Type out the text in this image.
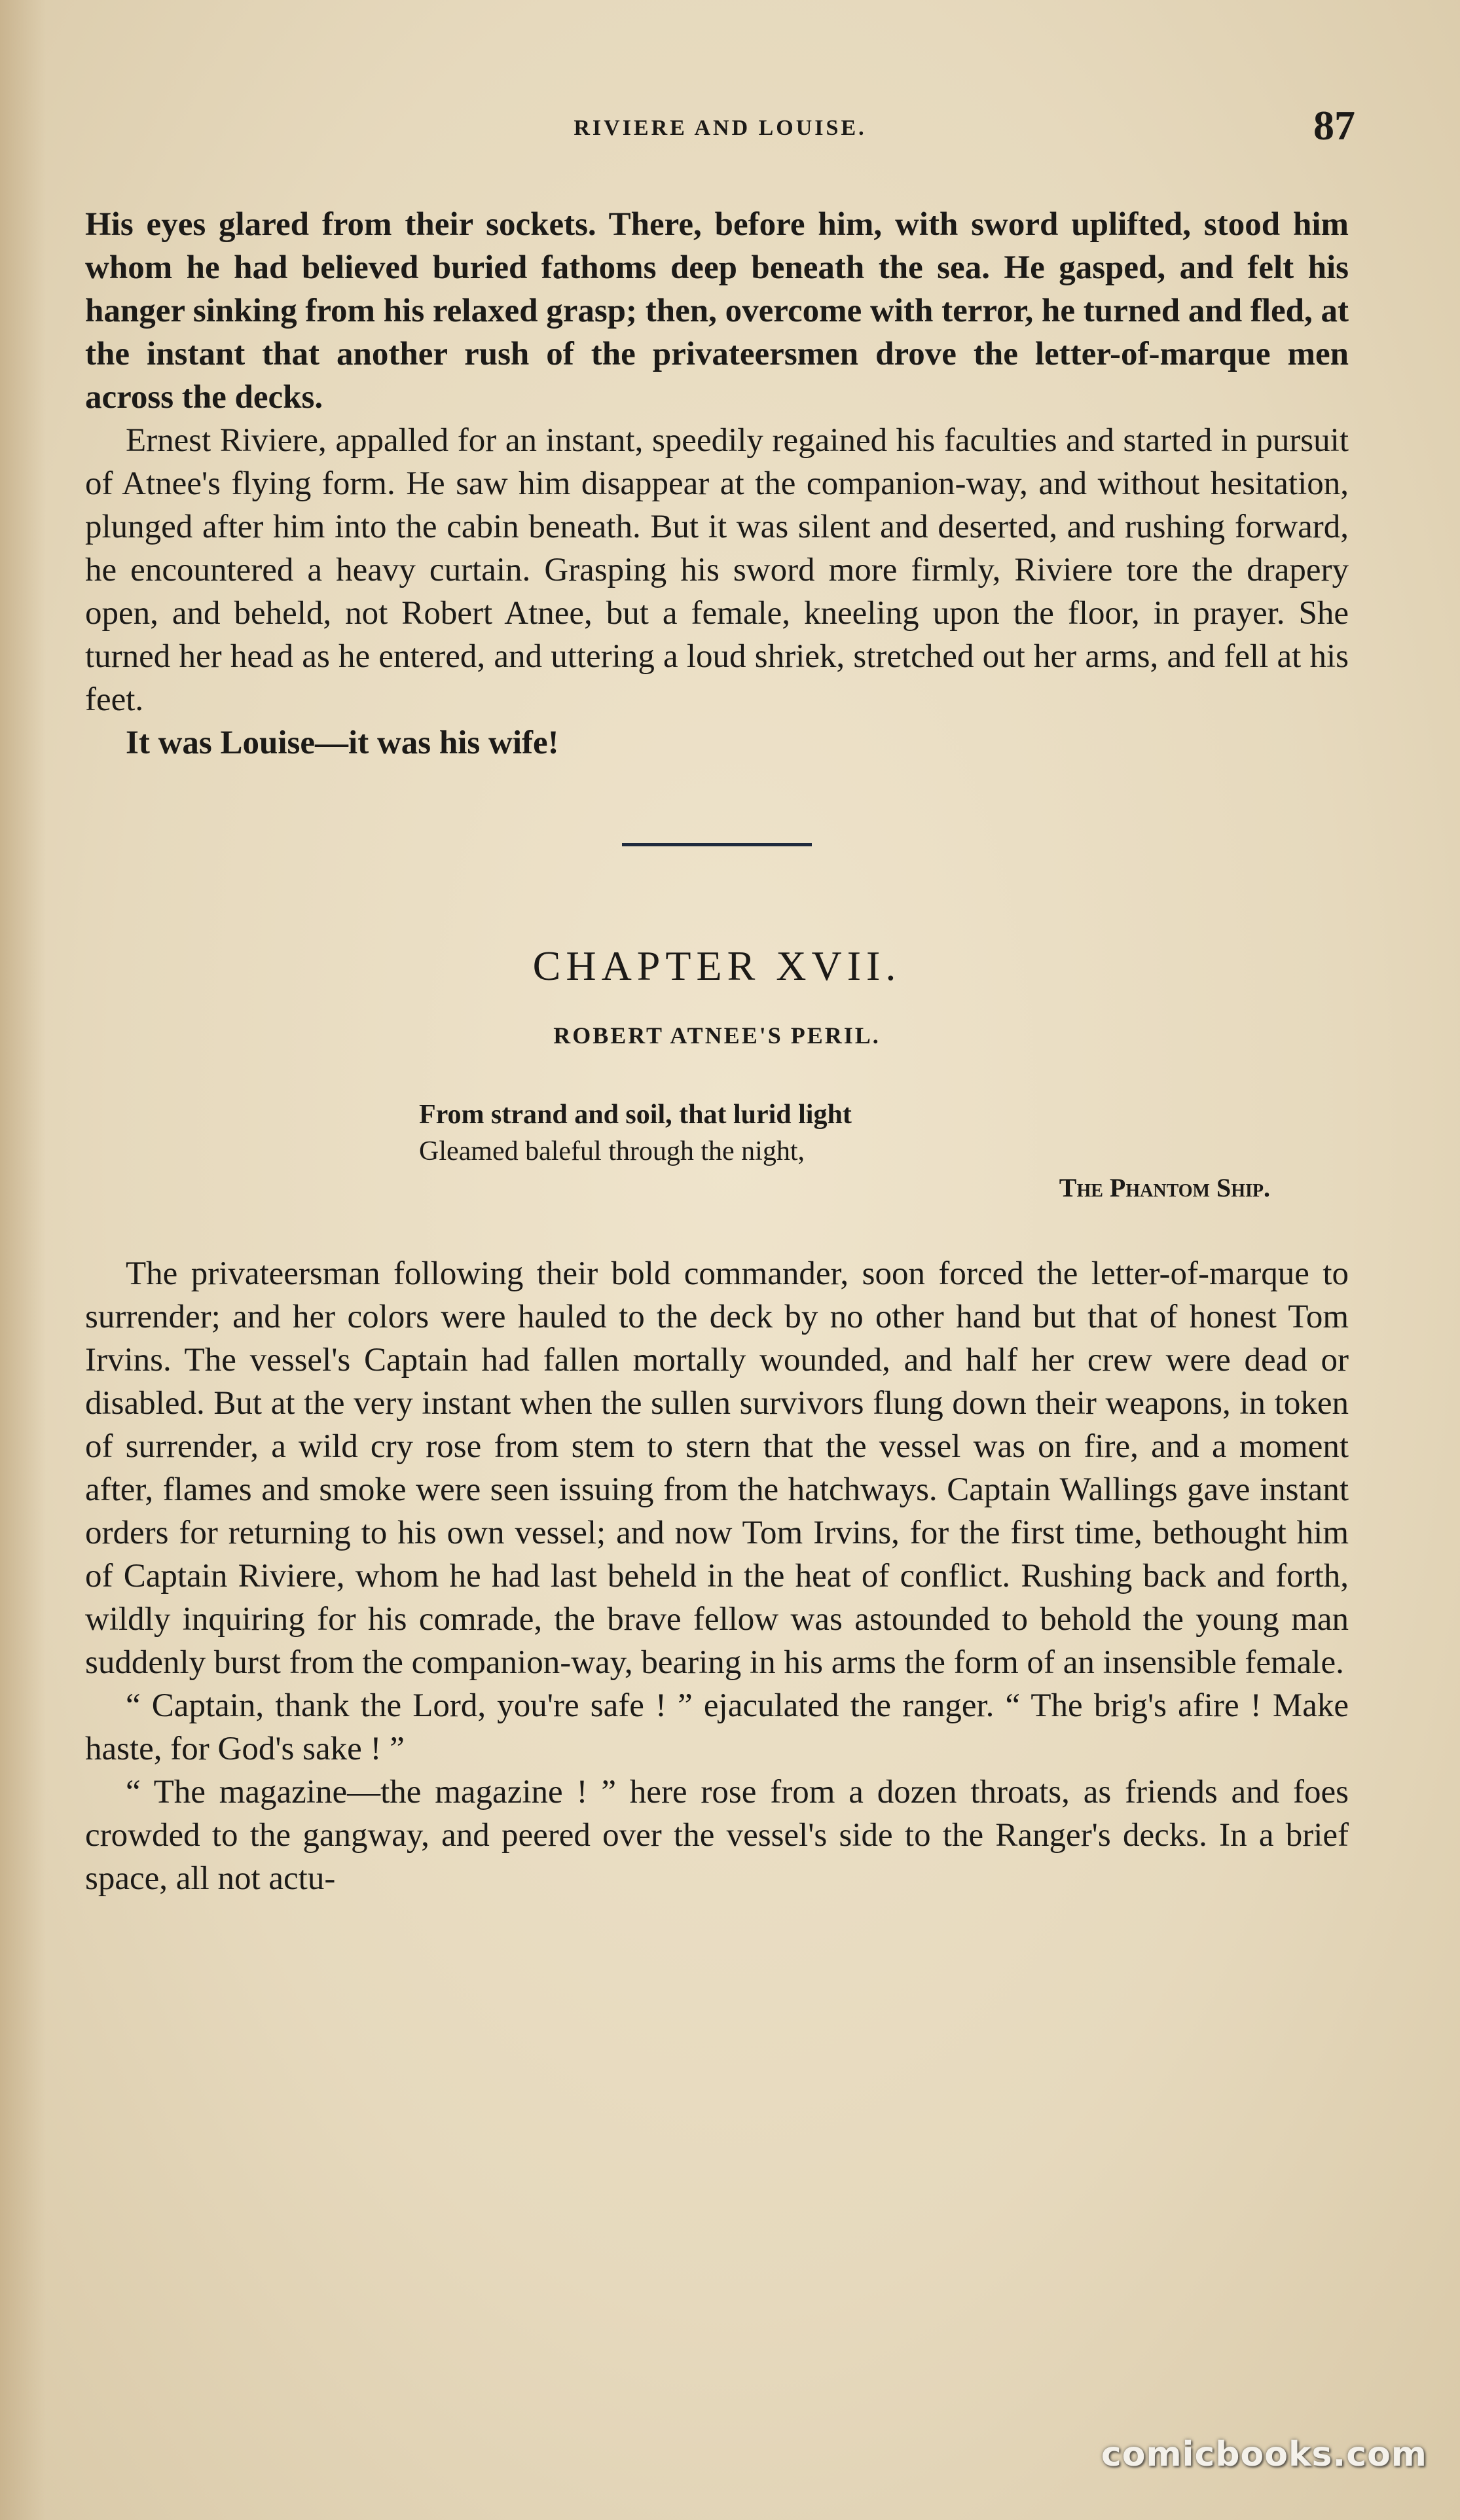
RIVIERE AND LOUISE.	87

His eyes glared from their sockets. There, before him, with sword uplifted, stood him whom he had believed buried fathoms deep beneath the sea. He gasped, and felt his hanger sinking from his relaxed grasp; then, overcome with terror, he turned and fled, at the instant that another rush of the privateersmen drove the letter-of-marque men across the decks.

Ernest Riviere, appalled for an instant, speedily regained his faculties and started in pursuit of Atnee's flying form. He saw him disappear at the companion-way, and without hesitation, plunged after him into the cabin beneath. But it was silent and deserted, and rushing forward, he encountered a heavy curtain. Grasping his sword more firmly, Riviere tore the drapery open, and beheld, not Robert Atnee, but a female, kneeling upon the floor, in prayer. She turned her head as he entered, and uttering a loud shriek, stretched out her arms, and fell at his feet.

It was Louise—it was his wife!

CHAPTER XVII.
ROBERT ATNEE'S PERIL.
From strand and soil, that lurid light
Gleamed baleful through the night,
The Phantom Ship.

The privateersman following their bold commander, soon forced the letter-of-marque to surrender; and her colors were hauled to the deck by no other hand but that of honest Tom Irvins. The vessel's Captain had fallen mortally wounded, and half her crew were dead or disabled. But at the very instant when the sullen survivors flung down their weapons, in token of surrender, a wild cry rose from stem to stern that the vessel was on fire, and a moment after, flames and smoke were seen issuing from the hatchways. Captain Wallings gave instant orders for returning to his own vessel; and now Tom Irvins, for the first time, bethought him of Captain Riviere, whom he had last beheld in the heat of conflict. Rushing back and forth, wildly inquiring for his comrade, the brave fellow was astounded to behold the young man suddenly burst from the companion-way, bearing in his arms the form of an insensible female.

“ Captain, thank the Lord, you're safe ! ” ejaculated the ranger. “ The brig's afire ! Make haste, for God's sake ! ”

“ The magazine—the magazine ! ” here rose from a dozen throats, as friends and foes crowded to the gangway, and peered over the vessel's side to the Ranger's decks. In a brief space, all not actu-

comicbooks.com
